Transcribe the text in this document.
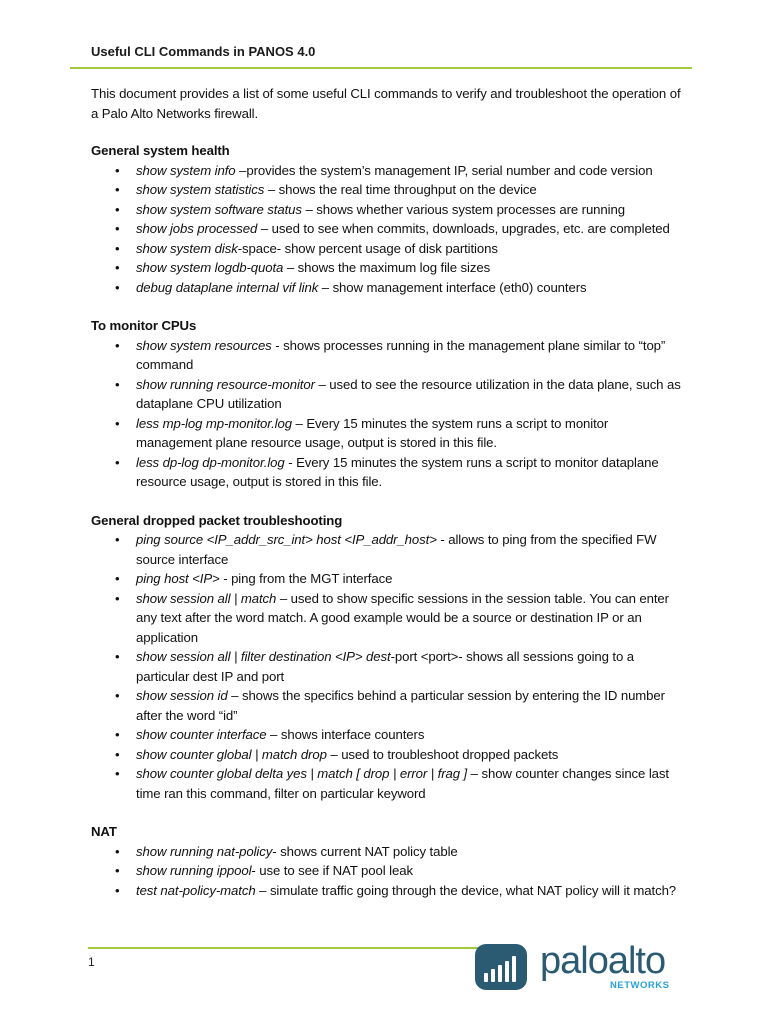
Useful CLI Commands in PANOS 4.0

This document provides a list of some useful CLI commands to verify and troubleshoot the operation of a Palo Alto Networks firewall.

General system health
• show system info –provides the system’s management IP, serial number and code version
• show system statistics – shows the real time throughput on the device
• show system software status – shows whether various system processes are running
• show jobs processed – used to see when commits, downloads, upgrades, etc. are completed
• show system disk-space- show percent usage of disk partitions
• show system logdb-quota – shows the maximum log file sizes
• debug dataplane internal vif link – show management interface (eth0) counters
To monitor CPUs
• show system resources - shows processes running in the management plane similar to “top” command
• show running resource-monitor – used to see the resource utilization in the data plane, such as dataplane CPU utilization
• less mp-log mp-monitor.log – Every 15 minutes the system runs a script to monitor management plane resource usage, output is stored in this file.
• less dp-log dp-monitor.log - Every 15 minutes the system runs a script to monitor dataplane resource usage, output is stored in this file.
General dropped packet troubleshooting
• ping source <IP_addr_src_int> host <IP_addr_host> - allows to ping from the specified FW source interface
• ping host <IP> - ping from the MGT interface
• show session all | match – used to show specific sessions in the session table. You can enter any text after the word match. A good example would be a source or destination IP or an application
• show session all | filter destination <IP> dest-port <port>- shows all sessions going to a particular dest IP and port
• show session id – shows the specifics behind a particular session by entering the ID number after the word “id”
• show counter interface – shows interface counters
• show counter global | match drop – used to troubleshoot dropped packets
• show counter global delta yes | match [ drop | error | frag ] – show counter changes since last time ran this command, filter on particular keyword
NAT
• show running nat-policy- shows current NAT policy table
• show running ippool- use to see if NAT pool leak
• test nat-policy-match – simulate traffic going through the device, what NAT policy will it match?
1	paloalto
NETWORKS
